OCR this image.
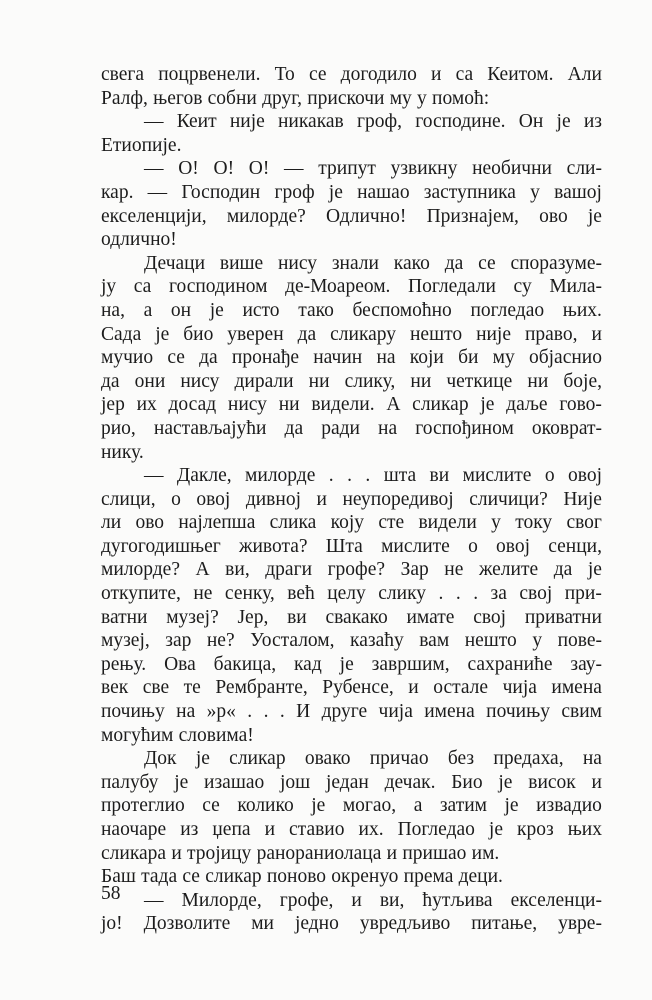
свега поцрвенели. То се догодило и са Кеитом. Али
Ралф, његов собни друг, прискочи му у помоћ:
— Кеит није никакав гроф, господине. Он је из
Етиопије.
— О! О! О! — трипут узвикну необични сли-
кар. — Господин гроф је нашао заступника у вашој
екселенцији, милорде? Одлично! Признајем, ово је
одлично!
Дечаци више нису знали како да се споразуме-
ју са господином де-Моареом. Погледали су Мила-
на, а он је исто тако беспомоћно погледао њих.
Сада је био уверен да сликару нешто није право, и
мучио се да пронађе начин на који би му објаснио
да они нису дирали ни слику, ни четкице ни боје,
јер их досад нису ни видели. А сликар је даље гово-
рио, настављајући да ради на госпођином оковрат-
нику.
— Дакле, милорде . . . шта ви мислите о овој
слици, о овој дивној и неупоредивој сличици? Није
ли ово најлепша слика коју сте видели у току свог
дугогодишњег живота? Шта мислите о овој сенци,
милорде? А ви, драги грофе? Зар не желите да је
откупите, не сенку, већ целу слику . . . за свој при-
ватни музеј? Јер, ви свакако имате свој приватни
музеј, зар не? Уосталом, казаћу вам нешто у пове-
рењу. Ова бакица, кад је завршим, сахраниће зау-
век све те Рембранте, Рубенсе, и остале чија имена
почињу на »р« . . . И друге чија имена почињу свим
могућим словима!
Док је сликар овако причао без предаха, на
палубу је изашао још један дечак. Био је висок и
протеглио се колико је могао, а затим је извадио
наочаре из џепа и ставио их. Погледао је кроз њих
сликара и тројицу ранораниолаца и пришао им.
Баш тада се сликар поново окренуо према деци.
— Милорде, грофе, и ви, ћутљива екселенци-
јо! Дозволите ми једно увредљиво питање, увре-
58
